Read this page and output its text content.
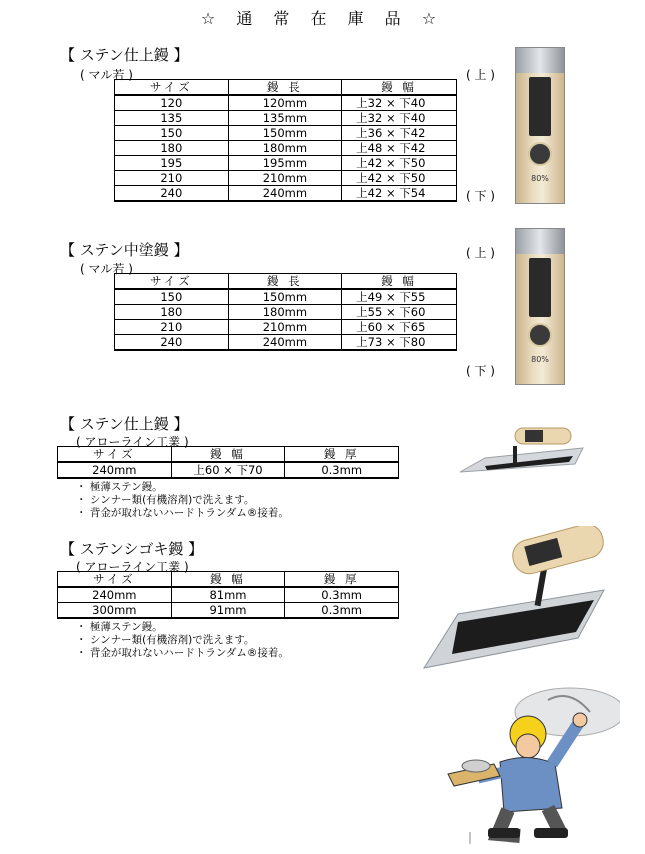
☆ 通 常 在 庫 品 ☆
【 ステン仕上鏝 】
( マル若 )
サイズ	鏝 長	鏝 幅
120	120mm	上32 × 下40
135	135mm	上32 × 下40
150	150mm	上36 × 下42
180	180mm	上48 × 下42
195	195mm	上42 × 下50
210	210mm	上42 × 下50
240	240mm	上42 × 下54
( 上 )
( 下 )
80%
【 ステン中塗鏝 】
( マル若 )
サイズ	鏝 長	鏝 幅
150	150mm	上49 × 下55
180	180mm	上55 × 下60
210	210mm	上60 × 下65
240	240mm	上73 × 下80
( 上 )
( 下 )
80%
【 ステン仕上鏝 】
( アローライン工業 )
サイズ	鏝 幅	鏝 厚
240mm	上60 × 下70	0.3mm
・ 極薄ステン鏝。
・ シンナー類(有機溶剤)で洗えます。
・ 背金が取れないハードトランダム®接着。
【 ステンシゴキ鏝 】
( アローライン工業 )
サイズ	鏝 幅	鏝 厚
240mm	81mm	0.3mm
300mm	91mm	0.3mm
・ 極薄ステン鏝。
・ シンナー類(有機溶剤)で洗えます。
・ 背金が取れないハードトランダム®接着。
